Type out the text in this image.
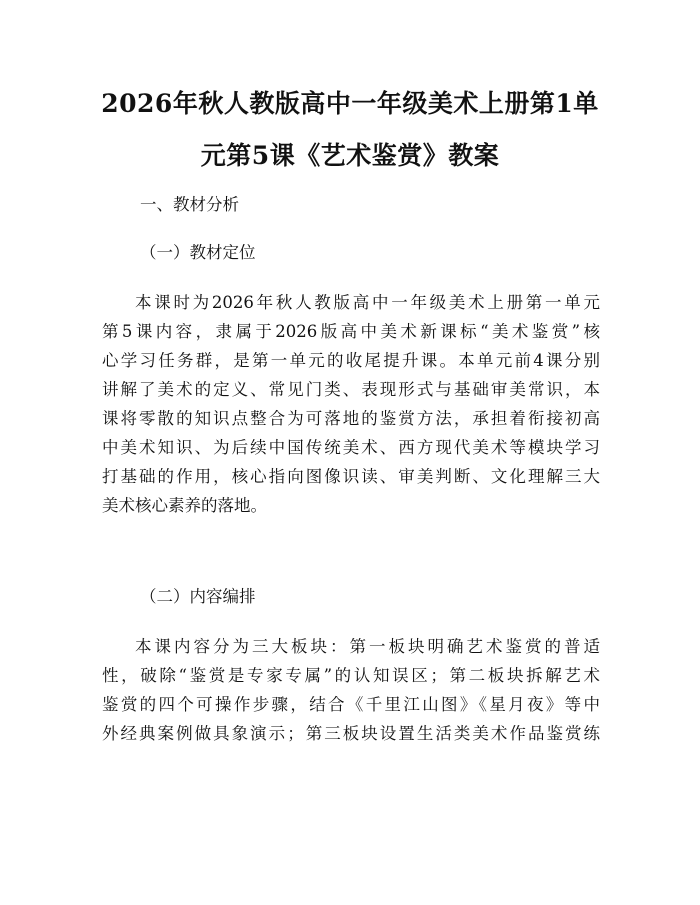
2026年秋人教版高中一年级美术上册第1单
元第5课《艺术鉴赏》教案

一、教材分析

（一）教材定位

本课时为2026年秋人教版高中一年级美术上册第一单元
第5课内容，隶属于2026版高中美术新课标“美术鉴赏”核
心学习任务群，是第一单元的收尾提升课。本单元前4课分别
讲解了美术的定义、常见门类、表现形式与基础审美常识，本
课将零散的知识点整合为可落地的鉴赏方法，承担着衔接初高
中美术知识、为后续中国传统美术、西方现代美术等模块学习
打基础的作用，核心指向图像识读、审美判断、文化理解三大
美术核心素养的落地。

（二）内容编排

本课内容分为三大板块：第一板块明确艺术鉴赏的普适
性，破除“鉴赏是专家专属”的认知误区；第二板块拆解艺术
鉴赏的四个可操作步骤，结合《千里江山图》《星月夜》等中
外经典案例做具象演示；第三板块设置生活类美术作品鉴赏练
